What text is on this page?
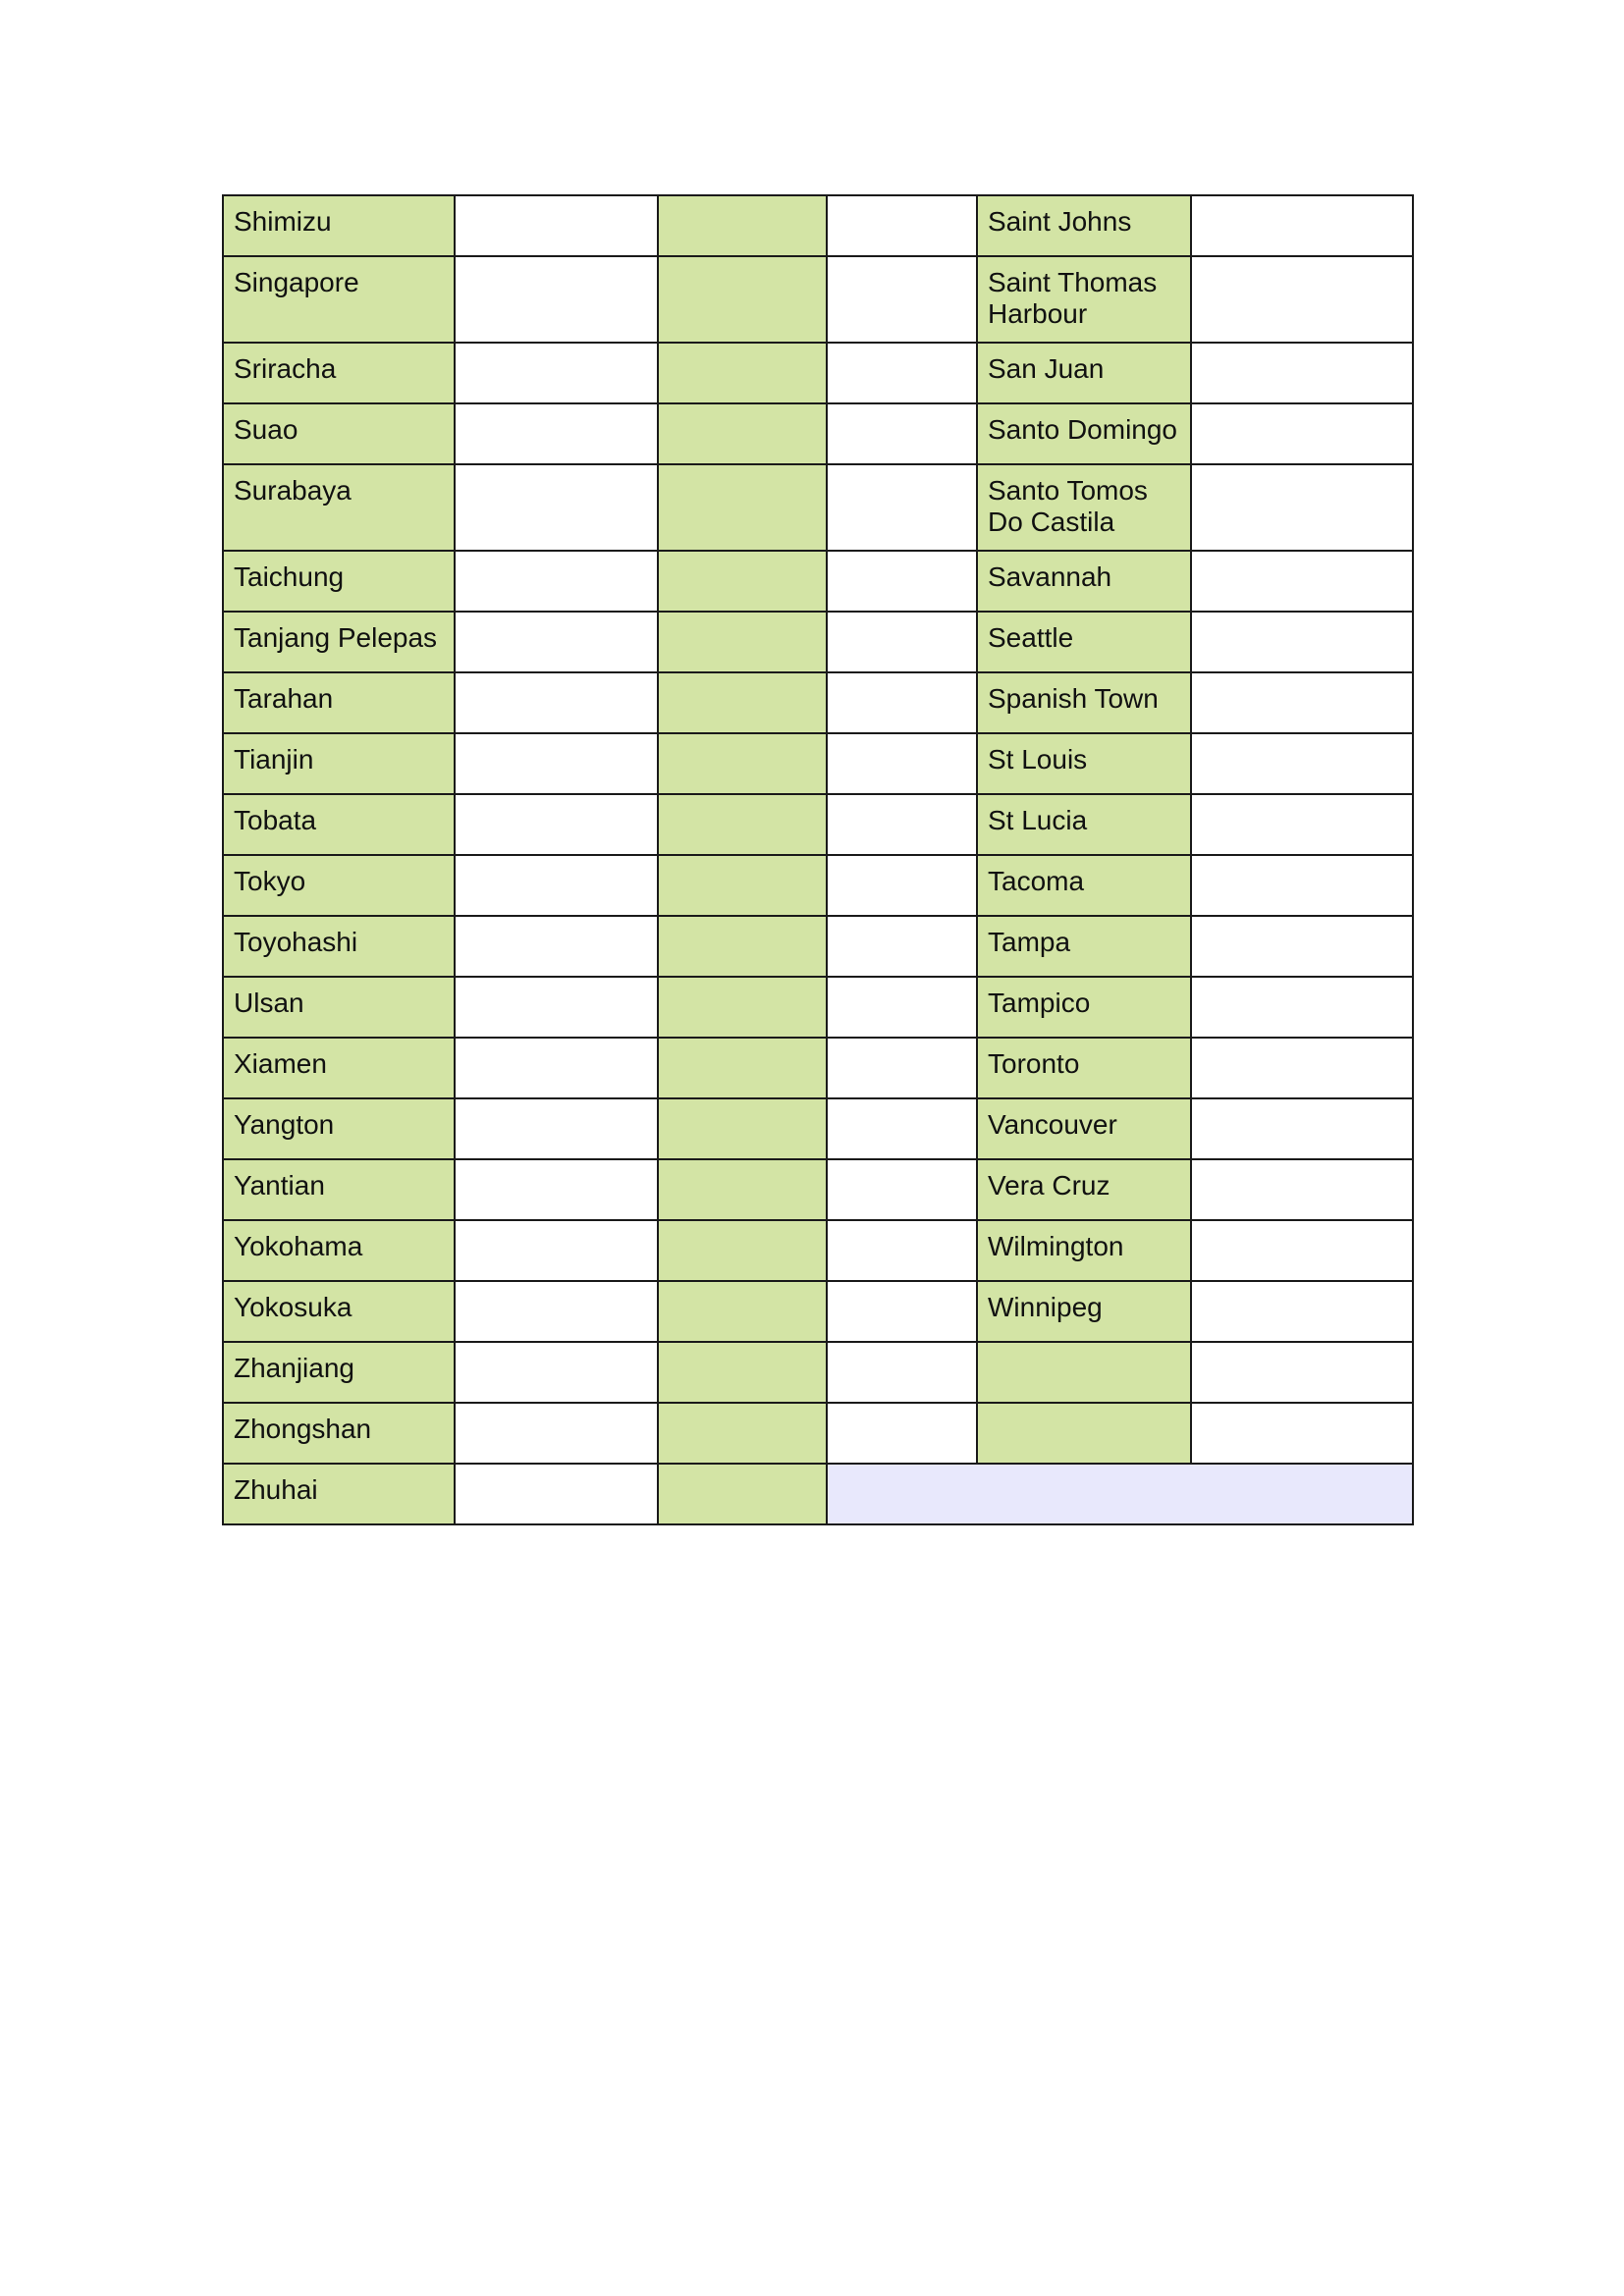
Shimizu				Saint Johns	
Singapore				Saint Thomas Harbour	
Sriracha				San Juan	
Suao				Santo Domingo	
Surabaya				Santo Tomos Do Castila	
Taichung				Savannah	
Tanjang Pelepas				Seattle	
Tarahan				Spanish Town	
Tianjin				St Louis	
Tobata				St Lucia	
Tokyo				Tacoma	
Toyohashi				Tampa	
Ulsan				Tampico	
Xiamen				Toronto	
Yangton				Vancouver	
Yantian				Vera Cruz	
Yokohama				Wilmington	
Yokosuka				Winnipeg	
Zhanjiang					
Zhongshan					
Zhuhai					
